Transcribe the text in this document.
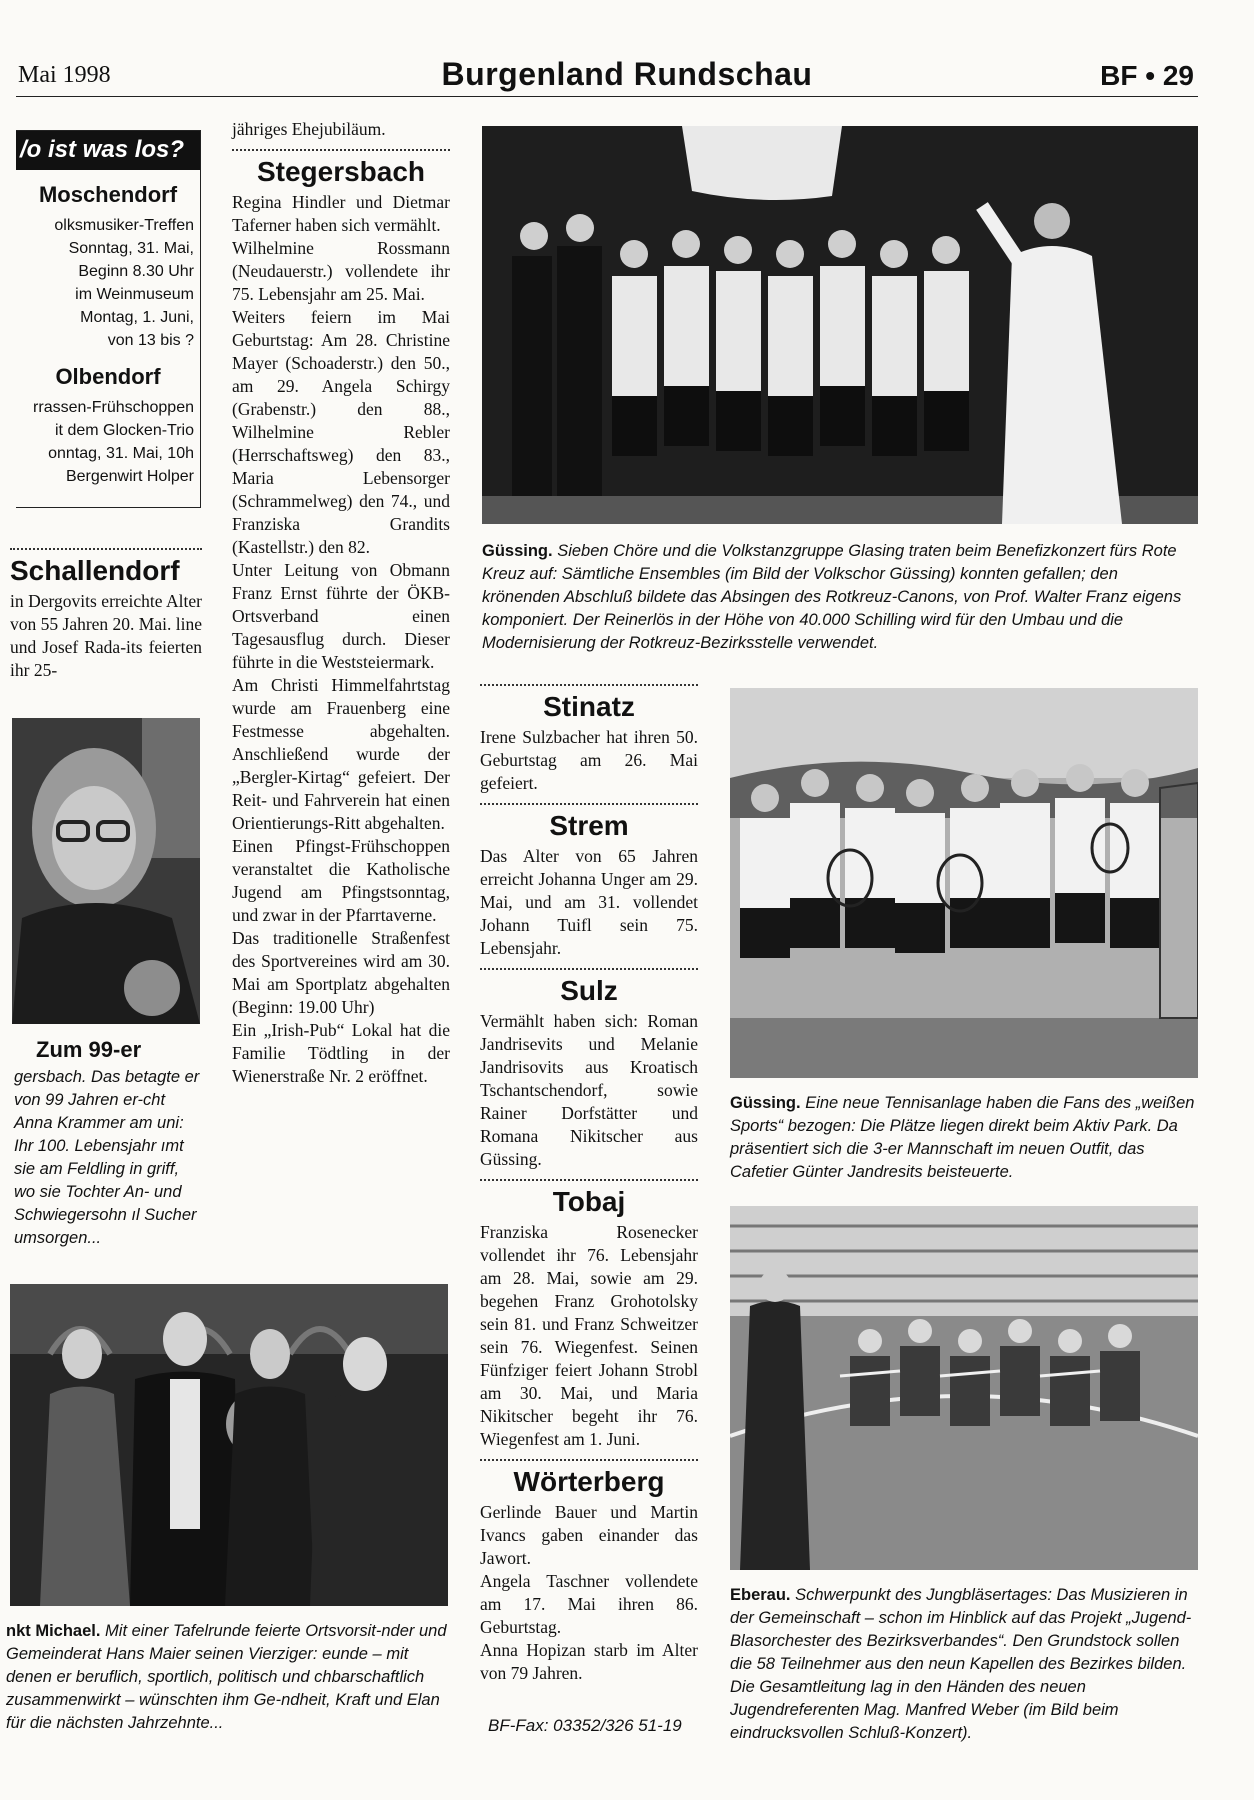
Mai 1998	Burgenland Rundschau	BF • 29
/o ist was los?
Moschendorf
olksmusiker-Treffen
Sonntag, 31. Mai,
Beginn 8.30 Uhr
im Weinmuseum
Montag, 1. Juni,
von 13 bis ?
Olbendorf
rrassen-Frühschoppen
it dem Glocken-Trio
onntag, 31. Mai, 10h
Bergenwirt Holper
Schallendorf

in Dergovits erreichte Alter von 55 Jahren 20. Mai. line und Josef Rada-its feierten ihr 25-

Zum 99-er
gersbach. Das betagte er von 99 Jahren er-cht Anna Krammer am uni: Ihr 100. Lebensjahr ımt sie am Feldling in griff, wo sie Tochter An- und Schwiegersohn ıl Sucher umsorgen...
nkt Michael. Mit einer Tafelrunde feierte Ortsvorsit-nder und Gemeinderat Hans Maier seinen Vierziger: eunde – mit denen er beruflich, sportlich, politisch und chbarschaftlich zusammenwirkt – wünschten ihm Ge-ndheit, Kraft und Elan für die nächsten Jahrzehnte...

jähriges Ehejubiläum.

Stegersbach

Regina Hindler und Dietmar Taferner haben sich vermählt.

Wilhelmine Rossmann (Neudauerstr.) vollendete ihr 75. Lebensjahr am 25. Mai.

Weiters feiern im Mai Geburtstag: Am 28. Christine Mayer (Schoaderstr.) den 50., am 29. Angela Schirgy (Grabenstr.) den 88., Wilhelmine Rebler (Herrschaftsweg) den 83., Maria Lebensorger (Schrammelweg) den 74., und Franziska Grandits (Kastellstr.) den 82.

Unter Leitung von Obmann Franz Ernst führte der ÖKB-Ortsverband einen Tagesausflug durch. Dieser führte in die Weststeiermark.

Am Christi Himmelfahrtstag wurde am Frauenberg eine Festmesse abgehalten. Anschließend wurde der „Bergler-Kirtag“ gefeiert. Der Reit- und Fahrverein hat einen Orientierungs-Ritt abgehalten.

Einen Pfingst-Frühschoppen veranstaltet die Katholische Jugend am Pfingstsonntag, und zwar in der Pfarrtaverne.

Das traditionelle Straßenfest des Sportvereines wird am 30. Mai am Sportplatz abgehalten (Beginn: 19.00 Uhr)

Ein „Irish-Pub“ Lokal hat die Familie Tödtling in der Wienerstraße Nr. 2 eröffnet.

Güssing. Sieben Chöre und die Volkstanzgruppe Glasing traten beim Benefizkonzert fürs Rote Kreuz auf: Sämtliche Ensembles (im Bild der Volkschor Güssing) konnten gefallen; den krönenden Abschluß bildete das Absingen des Rotkreuz-Canons, von Prof. Walter Franz eigens komponiert. Der Reinerlös in der Höhe von 40.000 Schilling wird für den Umbau und die Modernisierung der Rotkreuz-Bezirksstelle verwendet.
Stinatz

Irene Sulzbacher hat ihren 50. Geburtstag am 26. Mai gefeiert.

Strem

Das Alter von 65 Jahren erreicht Johanna Unger am 29. Mai, und am 31. vollendet Johann Tuifl sein 75. Lebensjahr.

Sulz

Vermählt haben sich: Roman Jandrisevits und Melanie Jandrisovits aus Kroatisch Tschantschendorf, sowie Rainer Dorfstätter und Romana Nikitscher aus Güssing.

Tobaj

Franziska Rosenecker vollendet ihr 76. Lebensjahr am 28. Mai, sowie am 29. begehen Franz Grohotolsky sein 81. und Franz Schweitzer sein 76. Wiegenfest. Seinen Fünfziger feiert Johann Strobl am 30. Mai, und Maria Nikitscher begeht ihr 76. Wiegenfest am 1. Juni.

Wörterberg

Gerlinde Bauer und Martin Ivancs gaben einander das Jawort.

Angela Taschner vollendete am 17. Mai ihren 86. Geburtstag.

Anna Hopizan starb im Alter von 79 Jahren.

BF-Fax: 03352/326 51-19
Güssing. Eine neue Tennisanlage haben die Fans des „weißen Sports“ bezogen: Die Plätze liegen direkt beim Aktiv Park. Da präsentiert sich die 3-er Mannschaft im neuen Outfit, das Cafetier Günter Jandresits beisteuerte.
Eberau. Schwerpunkt des Jungbläsertages: Das Musizieren in der Gemeinschaft – schon im Hinblick auf das Projekt „Jugend-Blasorchester des Bezirksverbandes“. Den Grundstock sollen die 58 Teilnehmer aus den neun Kapellen des Bezirkes bilden. Die Gesamtleitung lag in den Händen des neuen Jugendreferenten Mag. Manfred Weber (im Bild beim eindrucksvollen Schluß-Konzert).
